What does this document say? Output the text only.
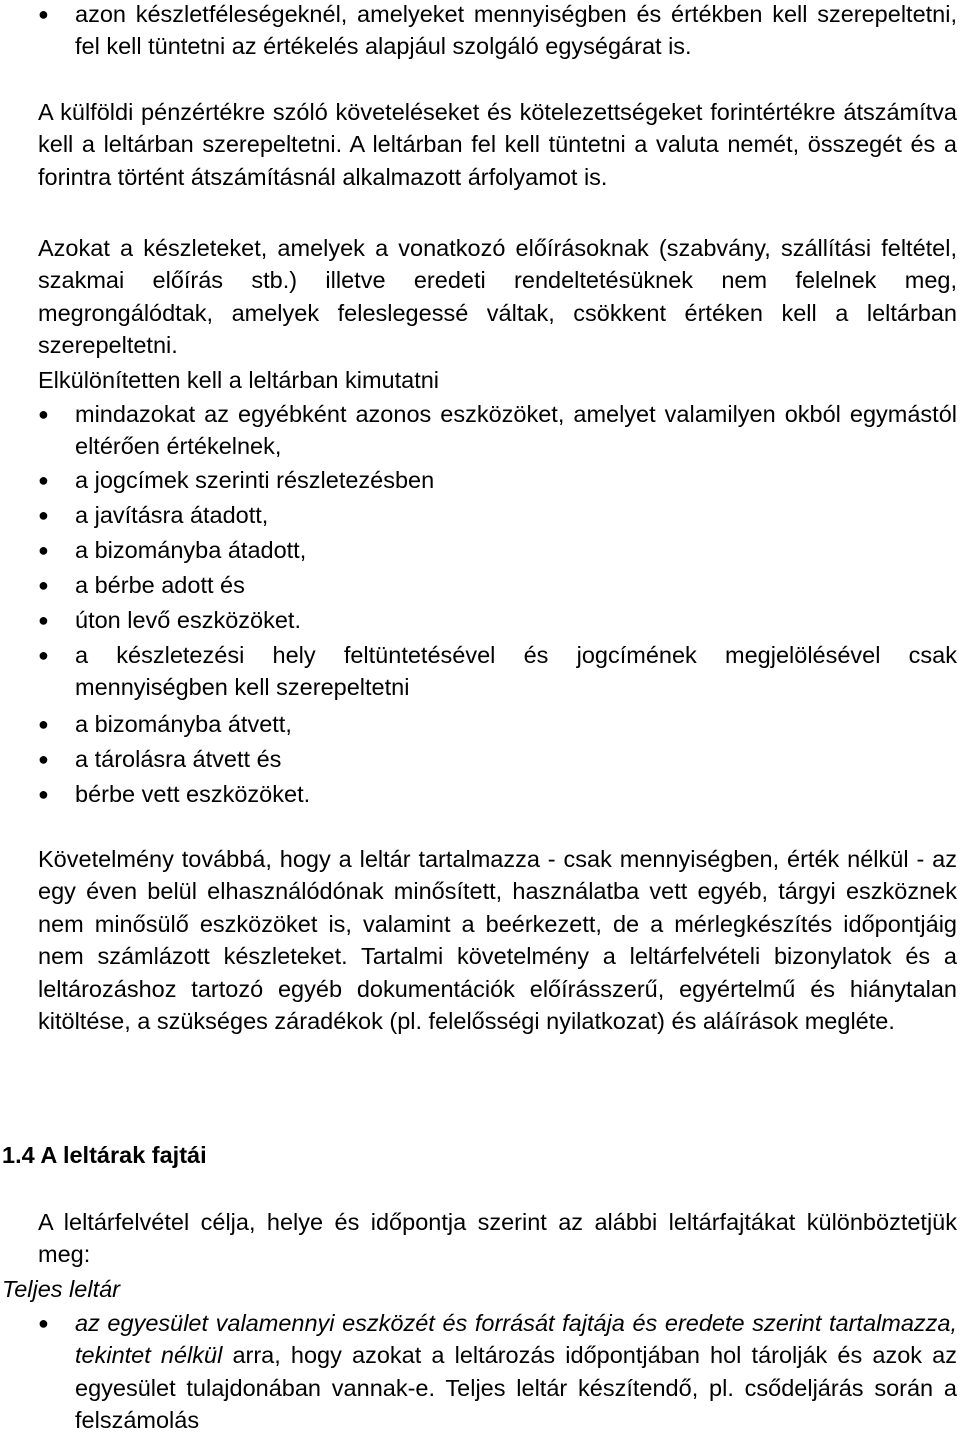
● azon készletféleségeknél, amelyeket mennyiségben és értékben kell szerepeltetni, fel kell tüntetni az értékelés alapjául szolgáló egységárat is.

A külföldi pénzértékre szóló követeléseket és kötelezettségeket forintértékre átszámítva kell a leltárban szerepeltetni. A leltárban fel kell tüntetni a valuta nemét, összegét és a forintra történt átszámításnál alkalmazott árfolyamot is.

Azokat a készleteket, amelyek a vonatkozó előírásoknak (szabvány, szállítási feltétel, szakmai előírás stb.) illetve eredeti rendeltetésüknek nem felelnek meg, megrongálódtak, amelyek feleslegessé váltak, csökkent értéken kell a leltárban szerepeltetni.

Elkülönítetten kell a leltárban kimutatni

● mindazokat az egyébként azonos eszközöket, amelyet valamilyen okból egymástól eltérően értékelnek,
● a jogcímek szerinti részletezésben
● a javításra átadott,
● a bizományba átadott,
● a bérbe adott és
● úton levő eszközöket.
● a készletezési hely feltüntetésével és jogcímének megjelölésével csak mennyiségben kell szerepeltetni
● a bizományba átvett,
● a tárolásra átvett és
● bérbe vett eszközöket.

Követelmény továbbá, hogy a leltár tartalmazza - csak mennyiségben, érték nélkül - az egy éven belül elhasználódónak minősített, használatba vett egyéb, tárgyi eszköznek nem minősülő eszközöket is, valamint a beérkezett, de a mérlegkészítés időpontjáig nem számlázott készleteket. Tartalmi követelmény a leltárfelvételi bizonylatok és a leltározáshoz tartozó egyéb dokumentációk előírásszerű, egyértelmű és hiánytalan kitöltése, a szükséges záradékok (pl. felelősségi nyilatkozat) és aláírások megléte.

1.4 A leltárak fajtái

A leltárfelvétel célja, helye és időpontja szerint az alábbi leltárfajtákat különböztetjük meg:

Teljes leltár

● az egyesület valamennyi eszközét és forrását fajtája és eredete szerint tartalmazza, tekintet nélkül arra, hogy azokat a leltározás időpontjában hol tárolják és azok az egyesület tulajdonában vannak-e. Teljes leltár készítendő, pl. csődeljárás során a felszámolás
